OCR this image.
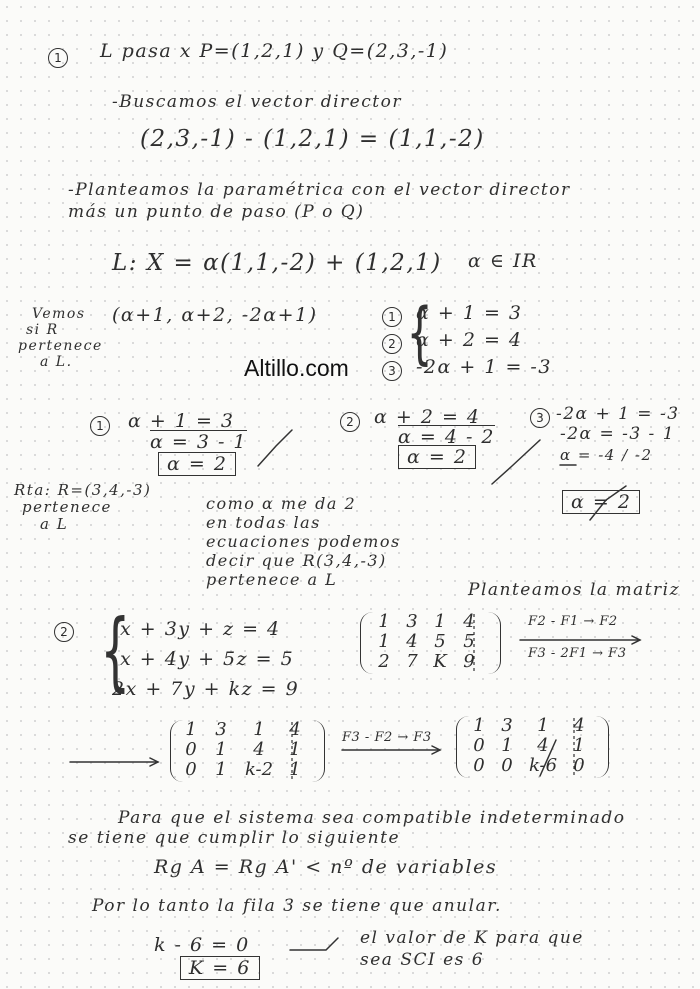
1	L pasa x P=(1,2,1) y Q=(2,3,-1)
-Buscamos el vector director
(2,3,-1) - (1,2,1) = (1,1,-2)
-Planteamos la paramétrica con el vector director
más un punto de paso (P o Q)
L: X = α(1,1,-2) + (1,2,1) α ∈ IR
Vemos
si R
pertenece
a L.
(α+1, α+2, -2α+1) {
1	α + 1 = 3
2	α + 2 = 4
3	-2α + 1 = -3
Altillo.com
1	α + 1 = 3
α = 3 - 1
α = 2
2	α + 2 = 4
α = 4 - 2
α = 2
3 -2α + 1 = -3
-2α = -3 - 1
α = -4 / -2
α = 2
Rta: R=(3,4,-3)
pertenece
a L
como α me da 2
en todas las
ecuaciones podemos
decir que R(3,4,-3)
pertenece a L
Planteamos la matriz
2 {
x + 3y + z = 4
x + 4y + 5z = 5
2x + 7y + kz = 9
1 3 1 4
1 4 5 5
2 7 K 9
F2 - F1 → F2
F3 - 2F1 → F3
1	3	1	4
0	1	4	1
0	1	k-2 1
F3 - F2 → F3
1 3	1	4
0 1	4	1
0 0 k-6 0
Para que el sistema sea compatible indeterminado
se tiene que cumplir lo siguiente
Rg A = Rg A' < nº de variables
Por lo tanto la fila 3 se tiene que anular.
k - 6 = 0
K = 6
el valor de K para que
sea SCI es 6
